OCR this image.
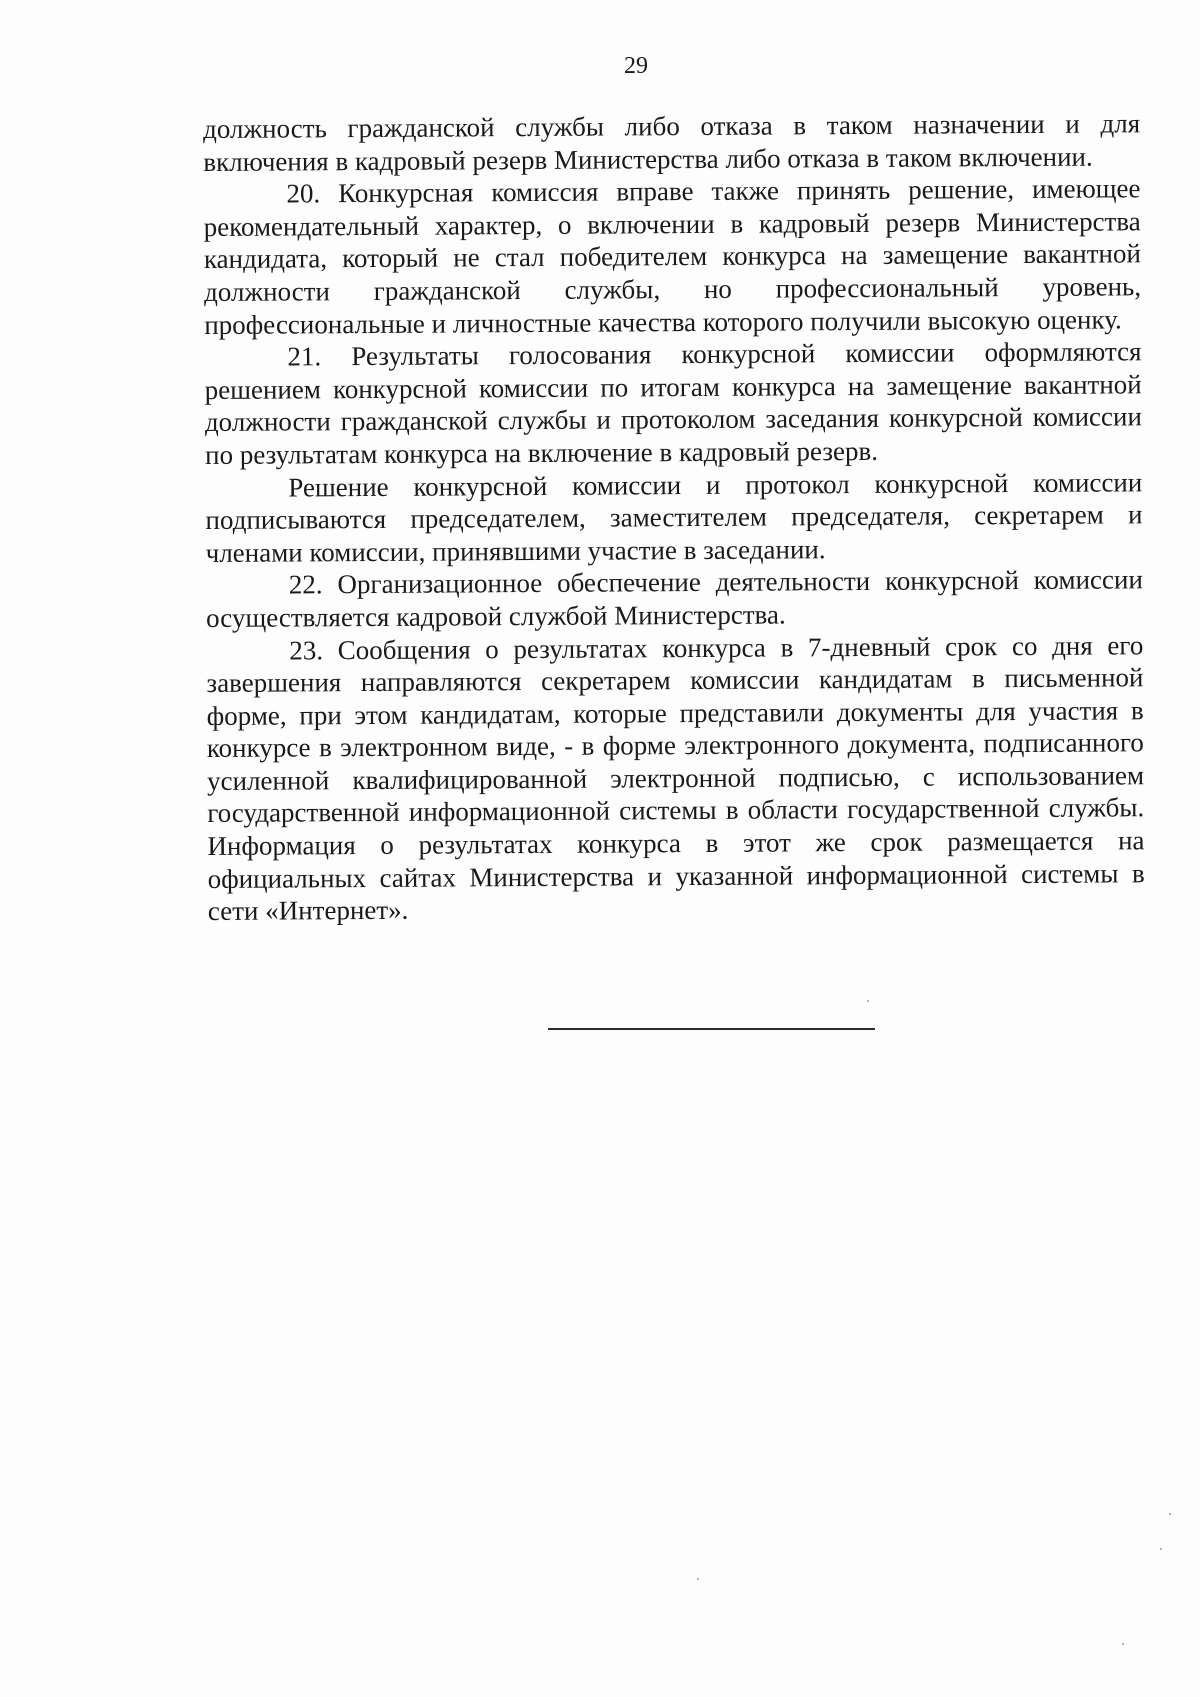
29

должность гражданской службы либо отказа в таком назначении и для включения в кадровый резерв Министерства либо отказа в таком включении.

20. Конкурсная комиссия вправе также принять решение, имеющее рекомендательный характер, о включении в кадровый резерв Министерства кандидата, который не стал победителем конкурса на замещение вакантной должности гражданской службы, но профессиональный уровень, профессиональные и личностные качества которого получили высокую оценку.

21. Результаты голосования конкурсной комиссии оформляются решением конкурсной комиссии по итогам конкурса на замещение вакантной должности гражданской службы и протоколом заседания конкурсной комиссии по результатам конкурса на включение в кадровый резерв.

Решение конкурсной комиссии и протокол конкурсной комиссии подписываются председателем, заместителем председателя, секретарем и членами комиссии, принявшими участие в заседании.

22. Организационное обеспечение деятельности конкурсной комиссии осуществляется кадровой службой Министерства.

23. Сообщения о результатах конкурса в 7-дневный срок со дня его завершения направляются секретарем комиссии кандидатам в письменной форме, при этом кандидатам, которые представили документы для участия в конкурсе в электронном виде, - в форме электронного документа, подписанного усиленной квалифицированной электронной подписью, с использованием государственной информационной системы в области государственной службы. Информация о результатах конкурса в этот же срок размещается на официальных сайтах Министерства и указанной информационной системы в сети «Интернет».
